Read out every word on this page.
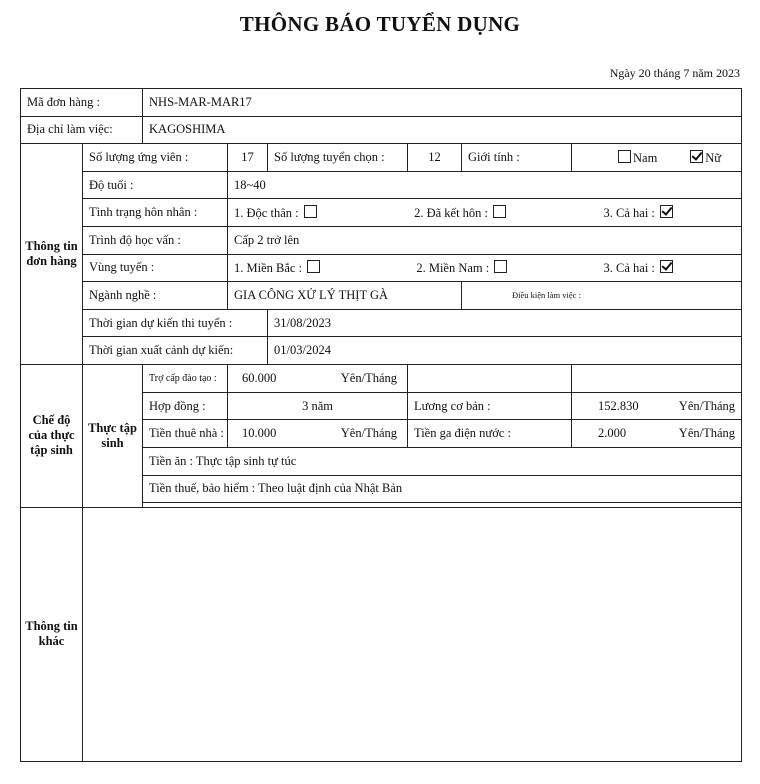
THÔNG BÁO TUYỂN DỤNG
Ngày 20 tháng 7 năm 2023
Mã đơn hàng :		NHS-MAR-MAR17						
Địa chỉ làm việc:		KAGOSHIMA						
Thông tin đơn hàng	Số lượng ứng viên :		17	Số lượng tuyển chọn :	12	Giới tính :	Nam Nữ	

	Độ tuổi :		18~40					
	Tình trạng hôn nhân :		1. Độc thân : 2. Đã kết hôn : 3. Cả hai :					

	Trình độ học vấn :		Cấp 2 trở lên					
	Vùng tuyển :		1. Miền Bắc : 2. Miền Nam : 3. Cả hai :					

	Ngành nghề :		GIA CÔNG XỬ LÝ THỊT GÀ			Điều kiện làm việc :	
	Thời gian dự kiến thi tuyển :			31/08/2023				
	Thời gian xuất cảnh dự kiến:			01/03/2024				
Chế độ của thực tập sinh	Thực tập sinh	Trợ cấp đào tạo :	60.000 Yên/Tháng					

		Hợp đồng :	3 năm		Lương cơ bản :		152.830 Yên/Tháng	

		Tiền thuê nhà :	10.000 Yên/Tháng		Tiền ga điện nước :		2.000 Yên/Tháng	

		Tiền ăn : Thực tập sinh tự túc						
		Tiền thuế, bảo hiểm : Theo luật định của Nhật Bản						

Thông tin khác								
